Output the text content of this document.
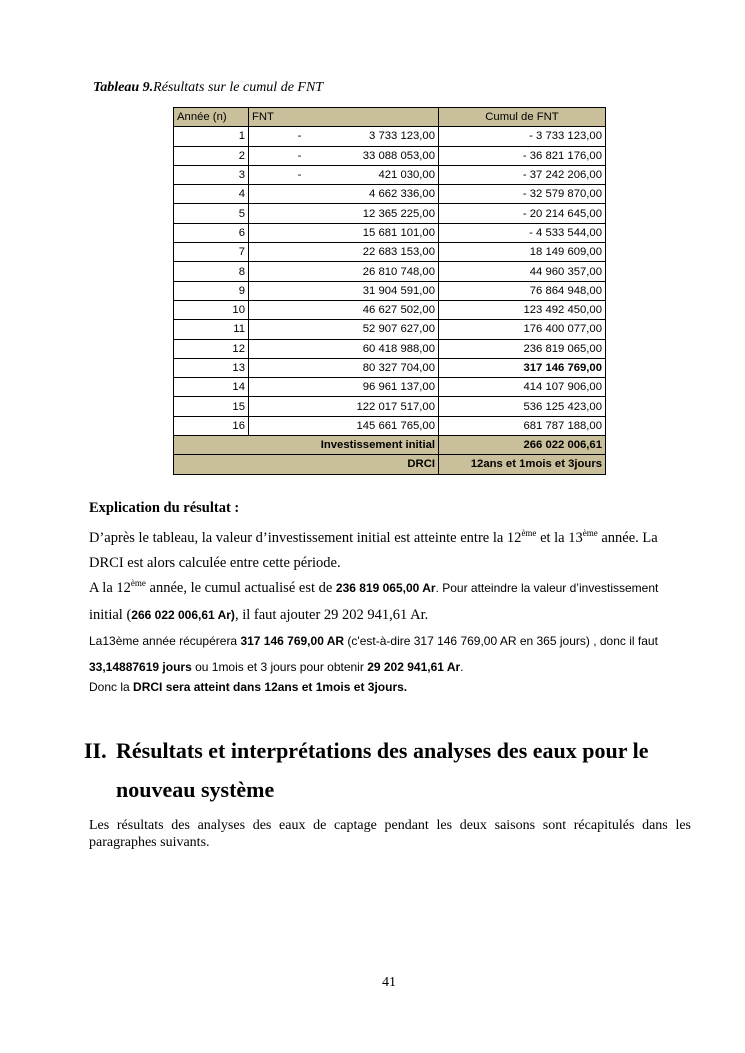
Tableau 9.Résultats sur le cumul de FNT
Année (n)	FNT	Cumul de FNT
1	- 3 733 123,00	- 3 733 123,00
2	- 33 088 053,00	- 36 821 176,00
3	- 421 030,00	- 37 242 206,00
4	4 662 336,00	- 32 579 870,00
5	12 365 225,00	- 20 214 645,00
6	15 681 101,00	- 4 533 544,00
7	22 683 153,00	18 149 609,00
8	26 810 748,00	44 960 357,00
9	31 904 591,00	76 864 948,00
10	46 627 502,00	123 492 450,00
11	52 907 627,00	176 400 077,00
12	60 418 988,00	236 819 065,00
13	80 327 704,00	317 146 769,00
14	96 961 137,00	414 107 906,00
15	122 017 517,00	536 125 423,00
16	145 661 765,00	681 787 188,00
Investissement initial		266 022 006,61
DRCI		12ans et 1mois et 3jours
Explication du résultat :
D’après le tableau, la valeur d’investissement initial est atteinte entre la 12ème et la 13ème année. La
DRCI est alors calculée entre cette période.
A la 12ème année, le cumul actualisé est de 236 819 065,00 Ar. Pour atteindre la valeur d’investissement
initial (266 022 006,61 Ar), il faut ajouter 29 202 941,61 Ar.
La13ème année récupérera 317 146 769,00 AR (c'est-à-dire 317 146 769,00 AR en 365 jours) , donc il faut
33,14887619 jours ou 1mois et 3 jours pour obtenir 29 202 941,61 Ar.
Donc la DRCI sera atteint dans 12ans et 1mois et 3jours.
II. Résultats et interprétations des analyses des eaux pour le
nouveau système
Les résultats des analyses des eaux de captage pendant les deux saisons sont récapitulés dans les paragraphes suivants.
41
